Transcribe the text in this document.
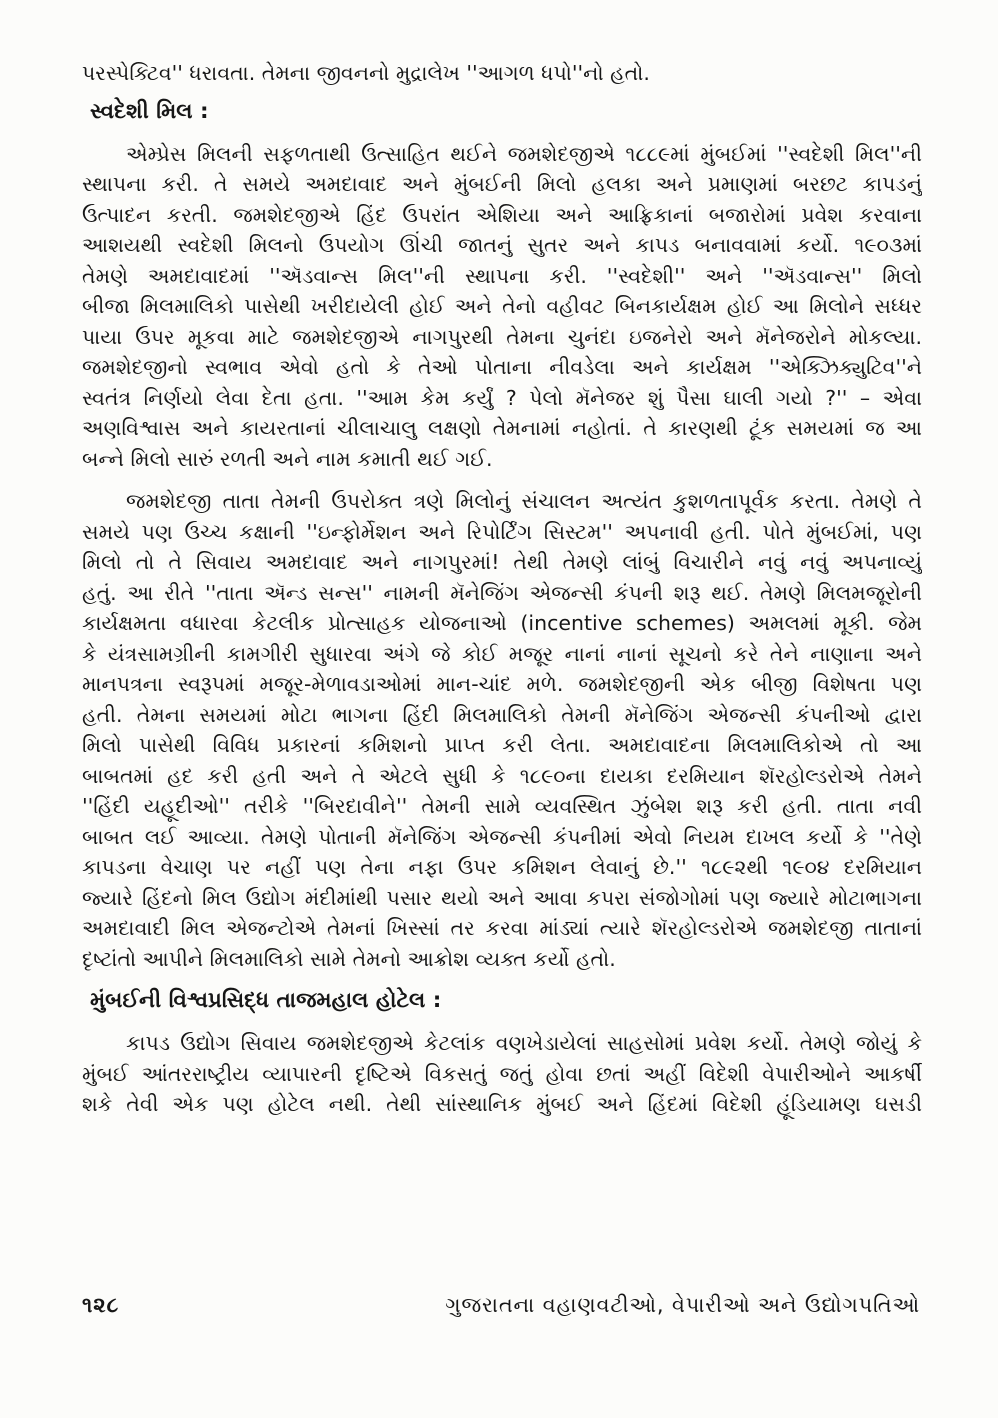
પરસ્પેક્ટિવ'' ધરાવતા. તેમના જીવનનો મુદ્રાલેખ ''આગળ ધપો''નો હતો.

સ્વદેશી મિલ :

એમ્પ્રેસ મિલની સફળતાથી ઉત્સાહિત થઈને જમશેદજીએ ૧૮૮૯માં મુંબઈમાં ''સ્વદેશી મિલ''ની

સ્થાપના કરી. તે સમયે અમદાવાદ અને મુંબઈની મિલો હલકા અને પ્રમાણમાં બરછટ કાપડનું

ઉત્પાદન કરતી. જમશેદજીએ હિંદ ઉપરાંત એશિયા અને આફ્રિકાનાં બજારોમાં પ્રવેશ કરવાના

આશયથી સ્વદેશી મિલનો ઉપયોગ ઊંચી જાતનું સુતર અને કાપડ બનાવવામાં કર્યો. ૧૯૦૩માં

તેમણે અમદાવાદમાં ''ઍડવાન્સ મિલ''ની સ્થાપના કરી. ''સ્વદેશી'' અને ''ઍડવાન્સ'' મિલો

બીજા મિલમાલિકો પાસેથી ખરીદાયેલી હોઈ અને તેનો વહીવટ બિનકાર્યક્ષમ હોઈ આ મિલોને સધ્ધર

પાયા ઉપર મૂકવા માટે જમશેદજીએ નાગપુરથી તેમના ચુનંદા ઇજનેરો અને મૅનેજરોને મોકલ્યા.

જમશેદજીનો સ્વભાવ એવો હતો કે તેઓ પોતાના નીવડેલા અને કાર્યક્ષમ ''એક્ઝિક્યુટિવ''ને

સ્વતંત્ર નિર્ણયો લેવા દેતા હતા. ''આમ કેમ કર્યું ? પેલો મૅનેજર શું પૈસા ઘાલી ગયો ?'' – એવા

અણવિશ્વાસ અને કાયરતાનાં ચીલાચાલુ લક્ષણો તેમનામાં નહોતાં. તે કારણથી ટૂંક સમયમાં જ આ

બન્ને મિલો સારું રળતી અને નામ કમાતી થઈ ગઈ.

જમશેદજી તાતા તેમની ઉપરોક્ત ત્રણે મિલોનું સંચાલન અત્યંત કુશળતાપૂર્વક કરતા. તેમણે તે

સમયે પણ ઉચ્ચ કક્ષાની ''ઇન્ફોર્મેશન અને રિપોર્ટિંગ સિસ્ટમ'' અપનાવી હતી. પોતે મુંબઈમાં, પણ

મિલો તો તે સિવાય અમદાવાદ અને નાગપુરમાં! તેથી તેમણે લાંબું વિચારીને નવું નવું અપનાવ્યું

હતું. આ રીતે ''તાતા ઍન્ડ સન્સ'' નામની મૅનેજિંગ એજન્સી કંપની શરૂ થઈ. તેમણે મિલમજૂરોની

કાર્યક્ષમતા વધારવા કેટલીક પ્રોત્સાહક યોજનાઓ (incentive schemes) અમલમાં મૂકી. જેમ

કે યંત્રસામગ્રીની કામગીરી સુધારવા અંગે જે કોઈ મજૂર નાનાં નાનાં સૂચનો કરે તેને નાણાના અને

માનપત્રના સ્વરૂપમાં મજૂર-મેળાવડાઓમાં માન-ચાંદ મળે. જમશેદજીની એક બીજી વિશેષતા પણ

હતી. તેમના સમયમાં મોટા ભાગના હિંદી મિલમાલિકો તેમની મૅનેજિંગ એજન્સી કંપનીઓ દ્વારા

મિલો પાસેથી વિવિધ પ્રકારનાં કમિશનો પ્રાપ્ત કરી લેતા. અમદાવાદના મિલમાલિકોએ તો આ

બાબતમાં હદ કરી હતી અને તે એટલે સુધી કે ૧૮૯૦ના દાયકા દરમિયાન શૅરહોલ્ડરોએ તેમને

''હિંદી યહૂદીઓ'' તરીકે ''બિરદાવીને'' તેમની સામે વ્યવસ્થિત ઝુંબેશ શરૂ કરી હતી. તાતા નવી

બાબત લઈ આવ્યા. તેમણે પોતાની મૅનેજિંગ એજન્સી કંપનીમાં એવો નિયમ દાખલ કર્યો કે ''તેણે

કાપડના વેચાણ પર નહીં પણ તેના નફા ઉપર કમિશન લેવાનું છે.'' ૧૮૯૨થી ૧૯૦૪ દરમિયાન

જ્યારે હિંદનો મિલ ઉદ્યોગ મંદીમાંથી પસાર થયો અને આવા કપરા સંજોગોમાં પણ જ્યારે મોટાભાગના

અમદાવાદી મિલ એજન્ટોએ તેમનાં ખિસ્સાં તર કરવા માંડ્યાં ત્યારે શૅરહોલ્ડરોએ જમશેદજી તાતાનાં

દૃષ્ટાંતો આપીને મિલમાલિકો સામે તેમનો આક્રોશ વ્યક્ત કર્યો હતો.

મુંબઈની વિશ્વપ્રસિદ્ધ તાજમહાલ હોટેલ :

કાપડ ઉદ્યોગ સિવાય જમશેદજીએ કેટલાંક વણખેડાયેલાં સાહસોમાં પ્રવેશ કર્યો. તેમણે જોયું કે

મુંબઈ આંતરરાષ્ટ્રીય વ્યાપારની દૃષ્ટિએ વિકસતું જતું હોવા છતાં અહીં વિદેશી વેપારીઓને આકર્ષી

શકે તેવી એક પણ હોટેલ નથી. તેથી સાંસ્થાનિક મુંબઈ અને હિંદમાં વિદેશી હૂંડિયામણ ઘસડી

૧૨૮	ગુજરાતના વહાણવટીઓ, વેપારીઓ અને ઉદ્યોગપતિઓ
